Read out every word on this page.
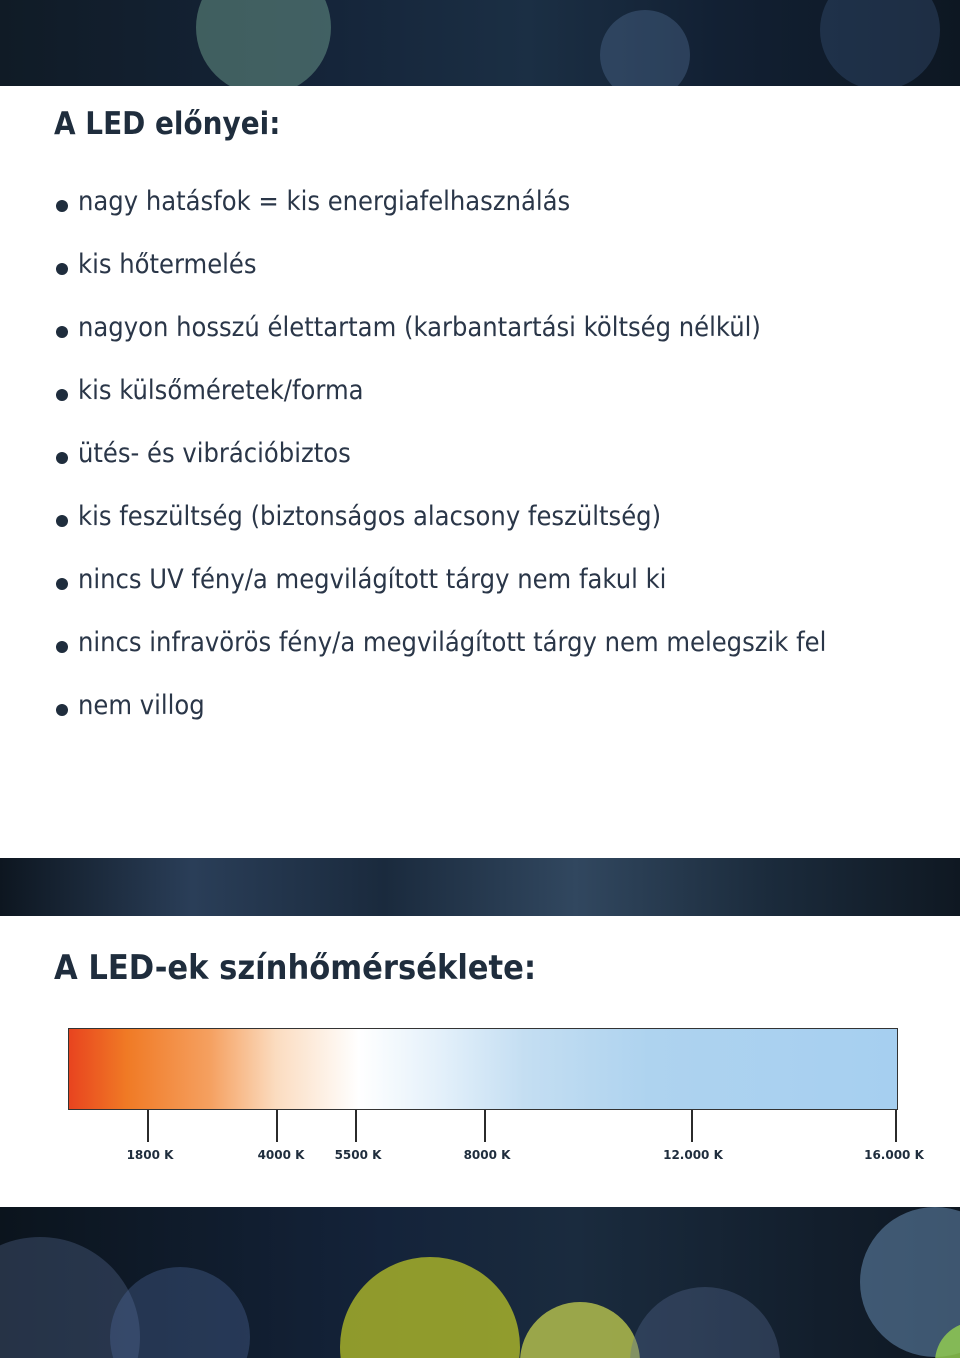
A LED előnyei:
nagy hatásfok = kis energiafelhasználás
kis hőtermelés
nagyon hosszú élettartam (karbantartási költség nélkül)
kis külsőméretek/forma
ütés- és vibrációbiztos
kis feszültség (biztonságos alacsony feszültség)
nincs UV fény/a megvilágított tárgy nem fakul ki
nincs infravörös fény/a megvilágított tárgy nem melegszik fel
nem villog
A LED-ek színhőmérséklete:
1800 K	4000 K	5500 K	8000 K	12.000 K	16.000 K
